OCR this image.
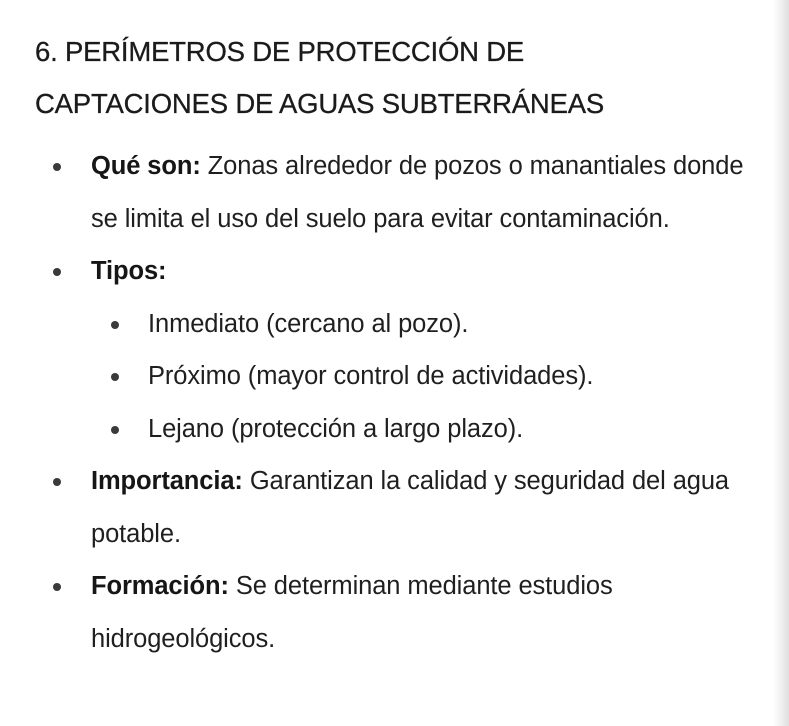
6. PERÍMETROS DE PROTECCIÓN DE
CAPTACIONES DE AGUAS SUBTERRÁNEAS
Qué son: Zonas alrededor de pozos o manantiales donde se limita el uso del suelo para evitar contaminación.
Tipos:
Inmediato (cercano al pozo).
Próximo (mayor control de actividades).
Lejano (protección a largo plazo).
Importancia: Garantizan la calidad y seguridad del agua potable.
Formación: Se determinan mediante estudios hidrogeológicos.
